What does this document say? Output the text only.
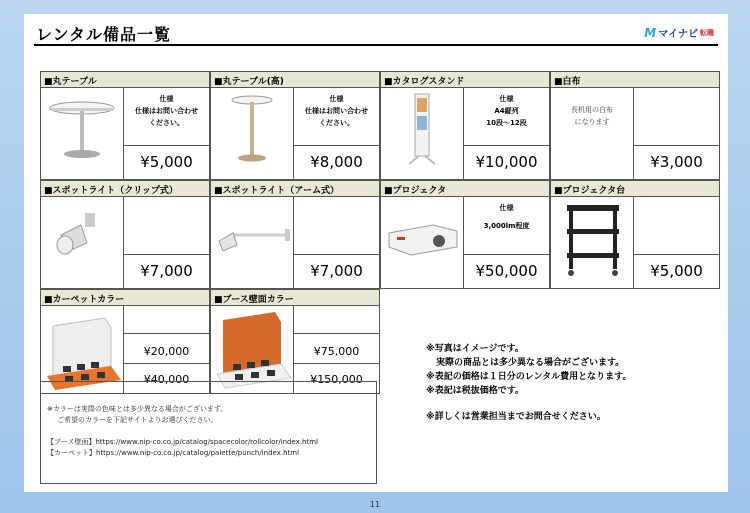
レンタル備品一覧	M マイナビ 転職
■丸テーブル
仕様
仕様はお問い合わせ
ください。
¥5,000
■丸テーブル(高)
仕様
仕様はお問い合わせ
ください。
¥8,000
■カタログスタンド
仕様
A4縦列
10段～12段
¥10,000
■白布
長机用の白布
になります
¥3,000
■スポットライト（クリップ式）
¥7,000
■スポットライト（アーム式）
¥7,000
■プロジェクタ
仕様
3,000lm程度
¥50,000
■プロジェクタ台
¥5,000
■カーペットカラー
¥20,000
¥40,000
■ブース壁面カラー
¥75,000
¥150,000
※カラーは実際の色味とは多少異なる場合がございます。
ご希望のカラーを下記サイトよりお選びください。
【ブース壁面】https://www.nip-co.co.jp/catalog/spacecolor/rollcolor/index.html
【カーペット】https://www.nip-co.co.jp/catalog/palette/punch/index.html
※写真はイメージです。
実際の商品とは多少異なる場合がございます。
※表記の価格は１日分のレンタル費用となります。
※表記は税抜価格です。
※詳しくは営業担当までお問合せください。
11
